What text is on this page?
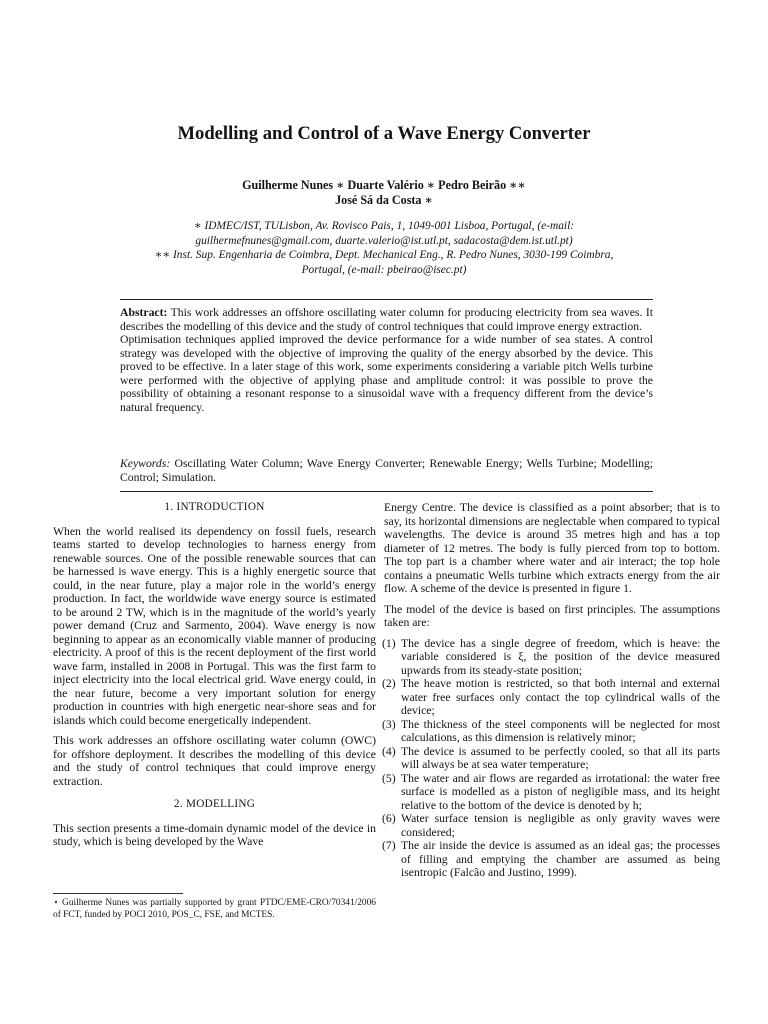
Modelling and Control of a Wave Energy Converter
Guilherme Nunes ∗ Duarte Valério ∗ Pedro Beirão ∗∗
José Sá da Costa ∗
∗ IDMEC/IST, TULisbon, Av. Rovisco Pais, 1, 1049-001 Lisboa, Portugal, (e-mail: guilhermefnunes@gmail.com, duarte.valerio@ist.utl.pt, sadacosta@dem.ist.utl.pt)
∗∗ Inst. Sup. Engenharia de Coimbra, Dept. Mechanical Eng., R. Pedro Nunes, 3030-199 Coimbra, Portugal, (e-mail: pbeirao@isec.pt)

Abstract: This work addresses an offshore oscillating water column for producing electricity from sea waves. It describes the modelling of this device and the study of control techniques that could improve energy extraction.

Optimisation techniques applied improved the device performance for a wide number of sea states. A control strategy was developed with the objective of improving the quality of the energy absorbed by the device. This proved to be effective. In a later stage of this work, some experiments considering a variable pitch Wells turbine were performed with the objective of applying phase and amplitude control: it was possible to prove the possibility of obtaining a resonant response to a sinusoidal wave with a frequency different from the device’s natural frequency.

Keywords: Oscillating Water Column; Wave Energy Converter; Renewable Energy; Wells Turbine; Modelling; Control; Simulation.

1. INTRODUCTION

When the world realised its dependency on fossil fuels, research teams started to develop technologies to harness energy from renewable sources. One of the possible renewable sources that can be harnessed is wave energy. This is a highly energetic source that could, in the near future, play a major role in the world’s energy production. In fact, the worldwide wave energy source is estimated to be around 2 TW, which is in the magnitude of the world’s yearly power demand (Cruz and Sarmento, 2004). Wave energy is now beginning to appear as an economically viable manner of producing electricity. A proof of this is the recent deployment of the first world wave farm, installed in 2008 in Portugal. This was the first farm to inject electricity into the local electrical grid. Wave energy could, in the near future, become a very important solution for energy production in countries with high energetic near-shore seas and for islands which could become energetically independent.

This work addresses an offshore oscillating water column (OWC) for offshore deployment. It describes the modelling of this device and the study of control techniques that could improve energy extraction.

2. MODELLING

This section presents a time-domain dynamic model of the device in study, which is being developed by the Wave

⋆ Guilherme Nunes was partially supported by grant PTDC/EME-CRO/70341/2006 of FCT, funded by POCI 2010, POS_C, FSE, and MCTES.

Energy Centre. The device is classified as a point absorber; that is to say, its horizontal dimensions are neglectable when compared to typical wavelengths. The device is around 35 metres high and has a top diameter of 12 metres. The body is fully pierced from top to bottom. The top part is a chamber where water and air interact; the top hole contains a pneumatic Wells turbine which extracts energy from the air flow. A scheme of the device is presented in figure 1.

The model of the device is based on first principles. The assumptions taken are:

(1) The device has a single degree of freedom, which is heave: the variable considered is ξ, the position of the device measured upwards from its steady-state position;
(2) The heave motion is restricted, so that both internal and external water free surfaces only contact the top cylindrical walls of the device;
(3) The thickness of the steel components will be neglected for most calculations, as this dimension is relatively minor;
(4) The device is assumed to be perfectly cooled, so that all its parts will always be at sea water temperature;
(5) The water and air flows are regarded as irrotational: the water free surface is modelled as a piston of negligible mass, and its height relative to the bottom of the device is denoted by h;
(6) Water surface tension is negligible as only gravity waves were considered;
(7) The air inside the device is assumed as an ideal gas; the processes of filling and emptying the chamber are assumed as being isentropic (Falcão and Justino, 1999).
